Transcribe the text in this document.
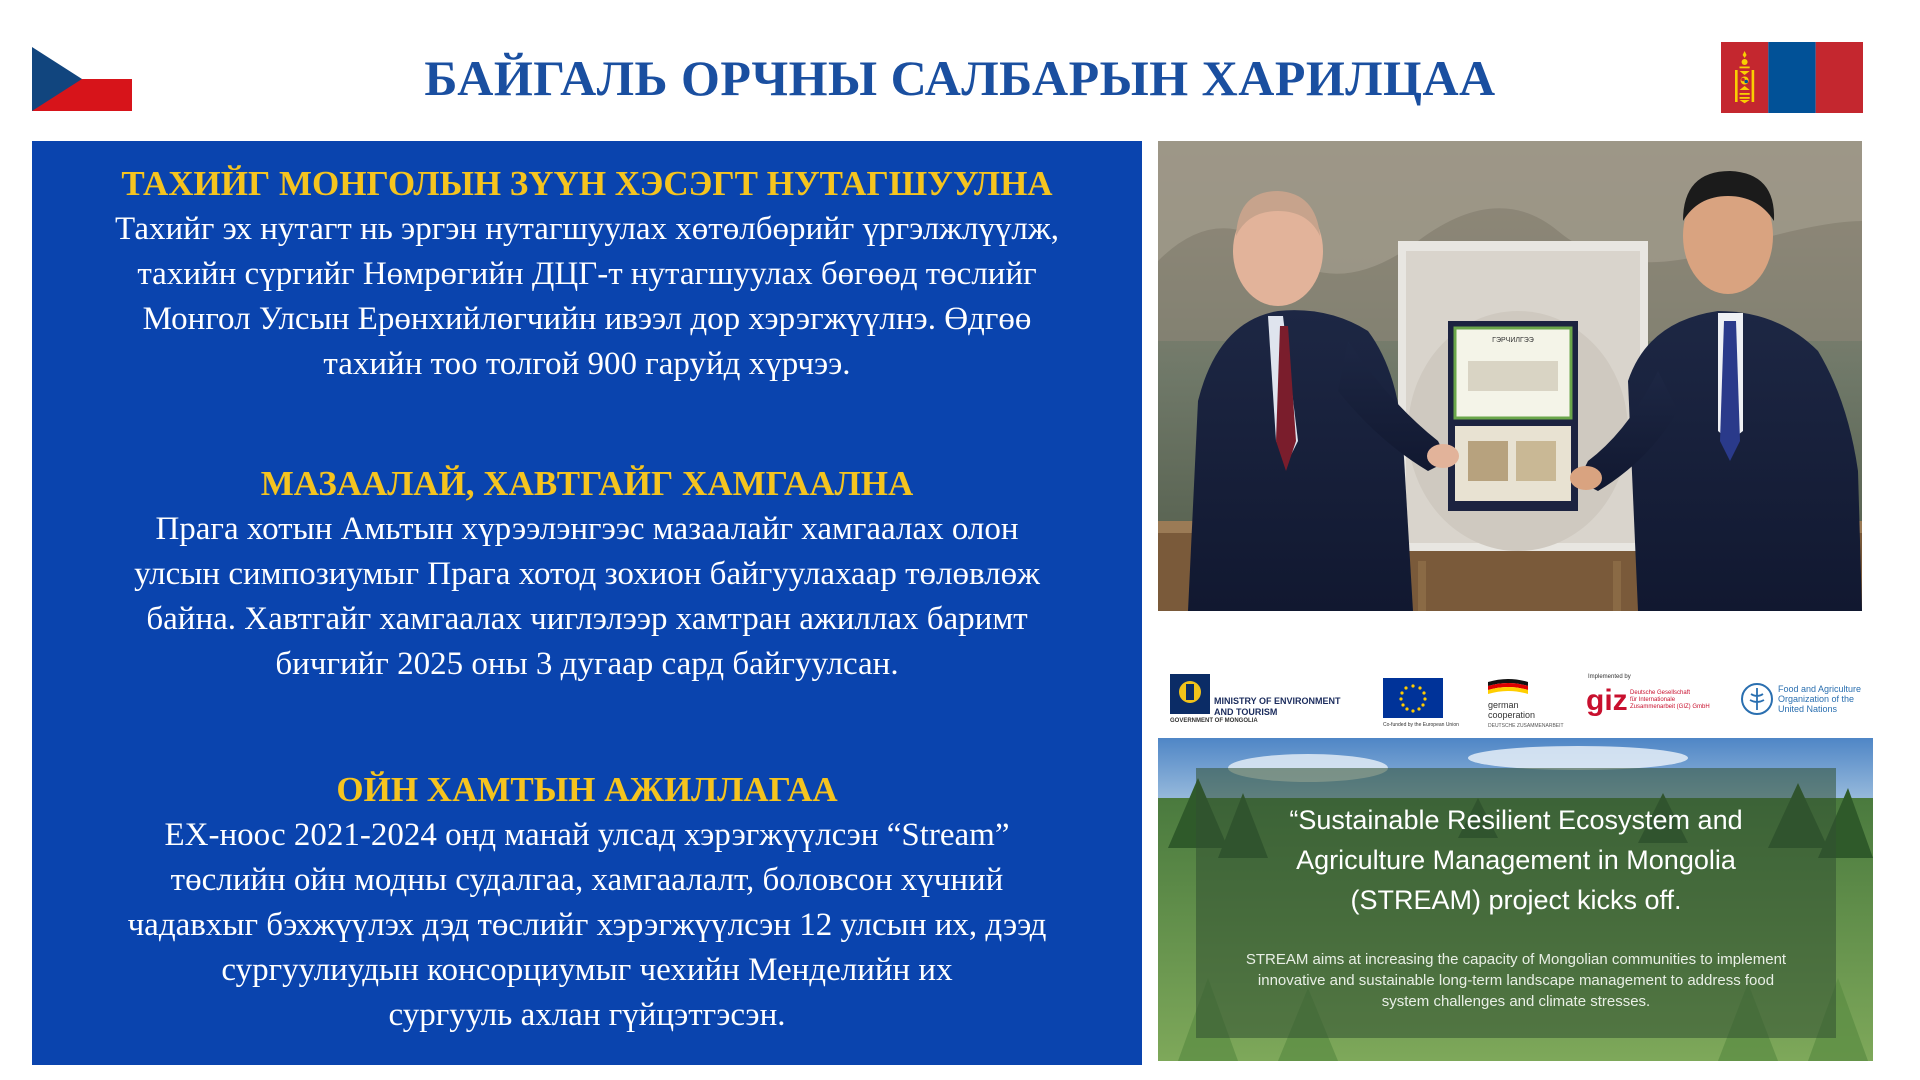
БАЙГАЛЬ ОРЧНЫ САЛБАРЫН ХАРИЛЦАА
ТАХИЙГ МОНГОЛЫН ЗҮҮН ХЭСЭГТ НУТАГШУУЛНА

Тахийг эх нутагт нь эргэн нутагшуулах хөтөлбөрийг үргэлжлүүлж,

тахийн сүргийг Нөмрөгийн ДЦГ-т нутагшуулах бөгөөд төслийг

Монгол Улсын Ерөнхийлөгчийн ивээл дор хэрэгжүүлнэ. Өдгөө

тахийн тоо толгой 900 гаруйд хүрчээ.

МАЗААЛАЙ, ХАВТГАЙГ ХАМГААЛНА

Прага хотын Амьтын хүрээлэнгээс мазаалайг хамгаалах олон

улсын симпозиумыг Прага хотод зохион байгуулахаар төлөвлөж

байна. Хавтгайг хамгаалах чиглэлээр хамтран ажиллах баримт

бичгийг 2025 оны 3 дугаар сард байгуулсан.

ОЙН ХАМТЫН АЖИЛЛАГАА

ЕХ-ноос 2021-2024 онд манай улсад хэрэгжүүлсэн “Stream”

төслийн ойн модны судалгаа, хамгаалалт, боловсон хүчний

чадавхыг бэхжүүлэх дэд төслийг хэрэгжүүлсэн 12 улсын их, дээд

сургуулиудын консорциумыг чехийн Менделийн их

сургууль ахлан гүйцэтгэсэн.

ГЭРЧИЛГЭЭ
GOVERNMENT OF MONGOLIA
MINISTRY OF ENVIRONMENT
AND TOURISM
Co-funded by the European Union
german
cooperation
DEUTSCHE ZUSAMMENARBEIT
Implemented by
giz Deutsche Gesellschaft
für Internationale
Zusammenarbeit (GIZ) GmbH
Food and Agriculture
Organization of the
United Nations
“Sustainable Resilient Ecosystem and
Agriculture Management in Mongolia
(STREAM) project kicks off.
STREAM aims at increasing the capacity of Mongolian communities to implement
innovative and sustainable long-term landscape management to address food
system challenges and climate stresses.
